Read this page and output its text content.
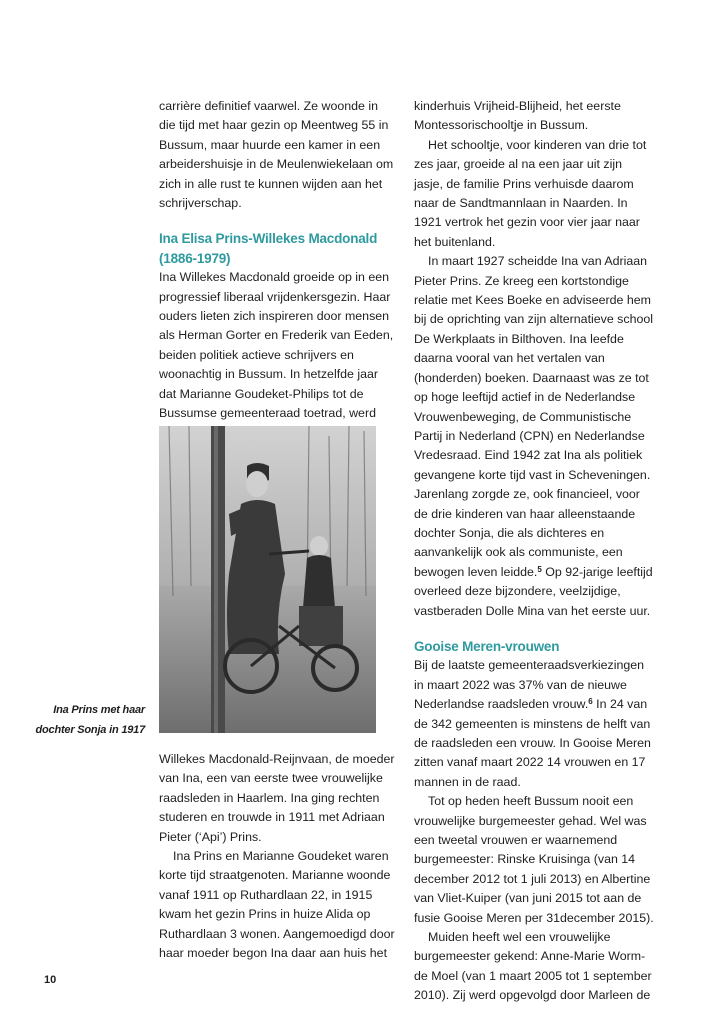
carrière definitief vaarwel. Ze woonde in die tijd met haar gezin op Meentweg 55 in Bussum, maar huurde een kamer in een arbeidershuisje in de Meulenwiekelaan om zich in alle rust te kunnen wijden aan het schrijverschap.

Ina Elisa Prins-Willekes Macdonald
(1886-1979)

Ina Willekes Macdonald groeide op in een progressief liberaal vrijdenkersgezin. Haar ouders lieten zich inspireren door mensen als Herman Gorter en Frederik van Eeden, beiden politiek actieve schrijvers en woonachtig in Bussum. In hetzelfde jaar dat Marianne Goudeket-Philips tot de Bussumse gemeenteraad toetrad, werd

Ina Prins met haar
dochter Sonja in 1917

Willekes Macdonald-Reijnvaan, de moeder van Ina, een van eerste twee vrouwelijke raadsleden in Haarlem. Ina ging rechten studeren en trouwde in 1911 met Adriaan Pieter (‘Api’) Prins.

Ina Prins en Marianne Goudeket waren korte tijd straatgenoten. Marianne woonde vanaf 1911 op Ruthardlaan 22, in 1915 kwam het gezin Prins in huize Alida op Ruthardlaan 3 wonen. Aangemoedigd door haar moeder begon Ina daar aan huis het

kinderhuis Vrijheid-Blijheid, het eerste Montessorischooltje in Bussum.

Het schooltje, voor kinderen van drie tot zes jaar, groeide al na een jaar uit zijn jasje, de familie Prins verhuisde daarom naar de Sandtmannlaan in Naarden. In 1921 vertrok het gezin voor vier jaar naar het buitenland.

In maart 1927 scheidde Ina van Adriaan Pieter Prins. Ze kreeg een kortstondige relatie met Kees Boeke en adviseerde hem bij de oprichting van zijn alternatieve school De Werkplaats in Bilthoven. Ina leefde daarna vooral van het vertalen van (honderden) boeken. Daarnaast was ze tot op hoge leeftijd actief in de Nederlandse Vrouwenbeweging, de Communistische Partij in Nederland (CPN) en Nederlandse Vredesraad. Eind 1942 zat Ina als politiek gevangene korte tijd vast in Scheveningen. Jarenlang zorgde ze, ook financieel, voor de drie kinderen van haar alleenstaande dochter Sonja, die als dichteres en aanvankelijk ook als communiste, een bewogen leven leidde.$^5$ Op 92-jarige leeftijd overleed deze bijzondere, veelzijdige, vastberaden Dolle Mina van het eerste uur.

Gooise Meren-vrouwen

Bij de laatste gemeenteraadsverkiezingen in maart 2022 was 37% van de nieuwe Nederlandse raadsleden vrouw.$^6$ In 24 van de 342 gemeenten is minstens de helft van de raadsleden een vrouw. In Gooise Meren zitten vanaf maart 2022 14 vrouwen en 17 mannen in de raad.

Tot op heden heeft Bussum nooit een vrouwelijke burgemeester gehad. Wel was een tweetal vrouwen er waarnemend burgemeester: Rinske Kruisinga (van 14 december 2012 tot 1 juli 2013) en Albertine van Vliet-Kuiper (van juni 2015 tot aan de fusie Gooise Meren per 31december 2015).

Muiden heeft wel een vrouwelijke burgemeester gekend: Anne-Marie Worm-de Moel (van 1 maart 2005 tot 1 september 2010). Zij werd opgevolgd door Marleen de

10
